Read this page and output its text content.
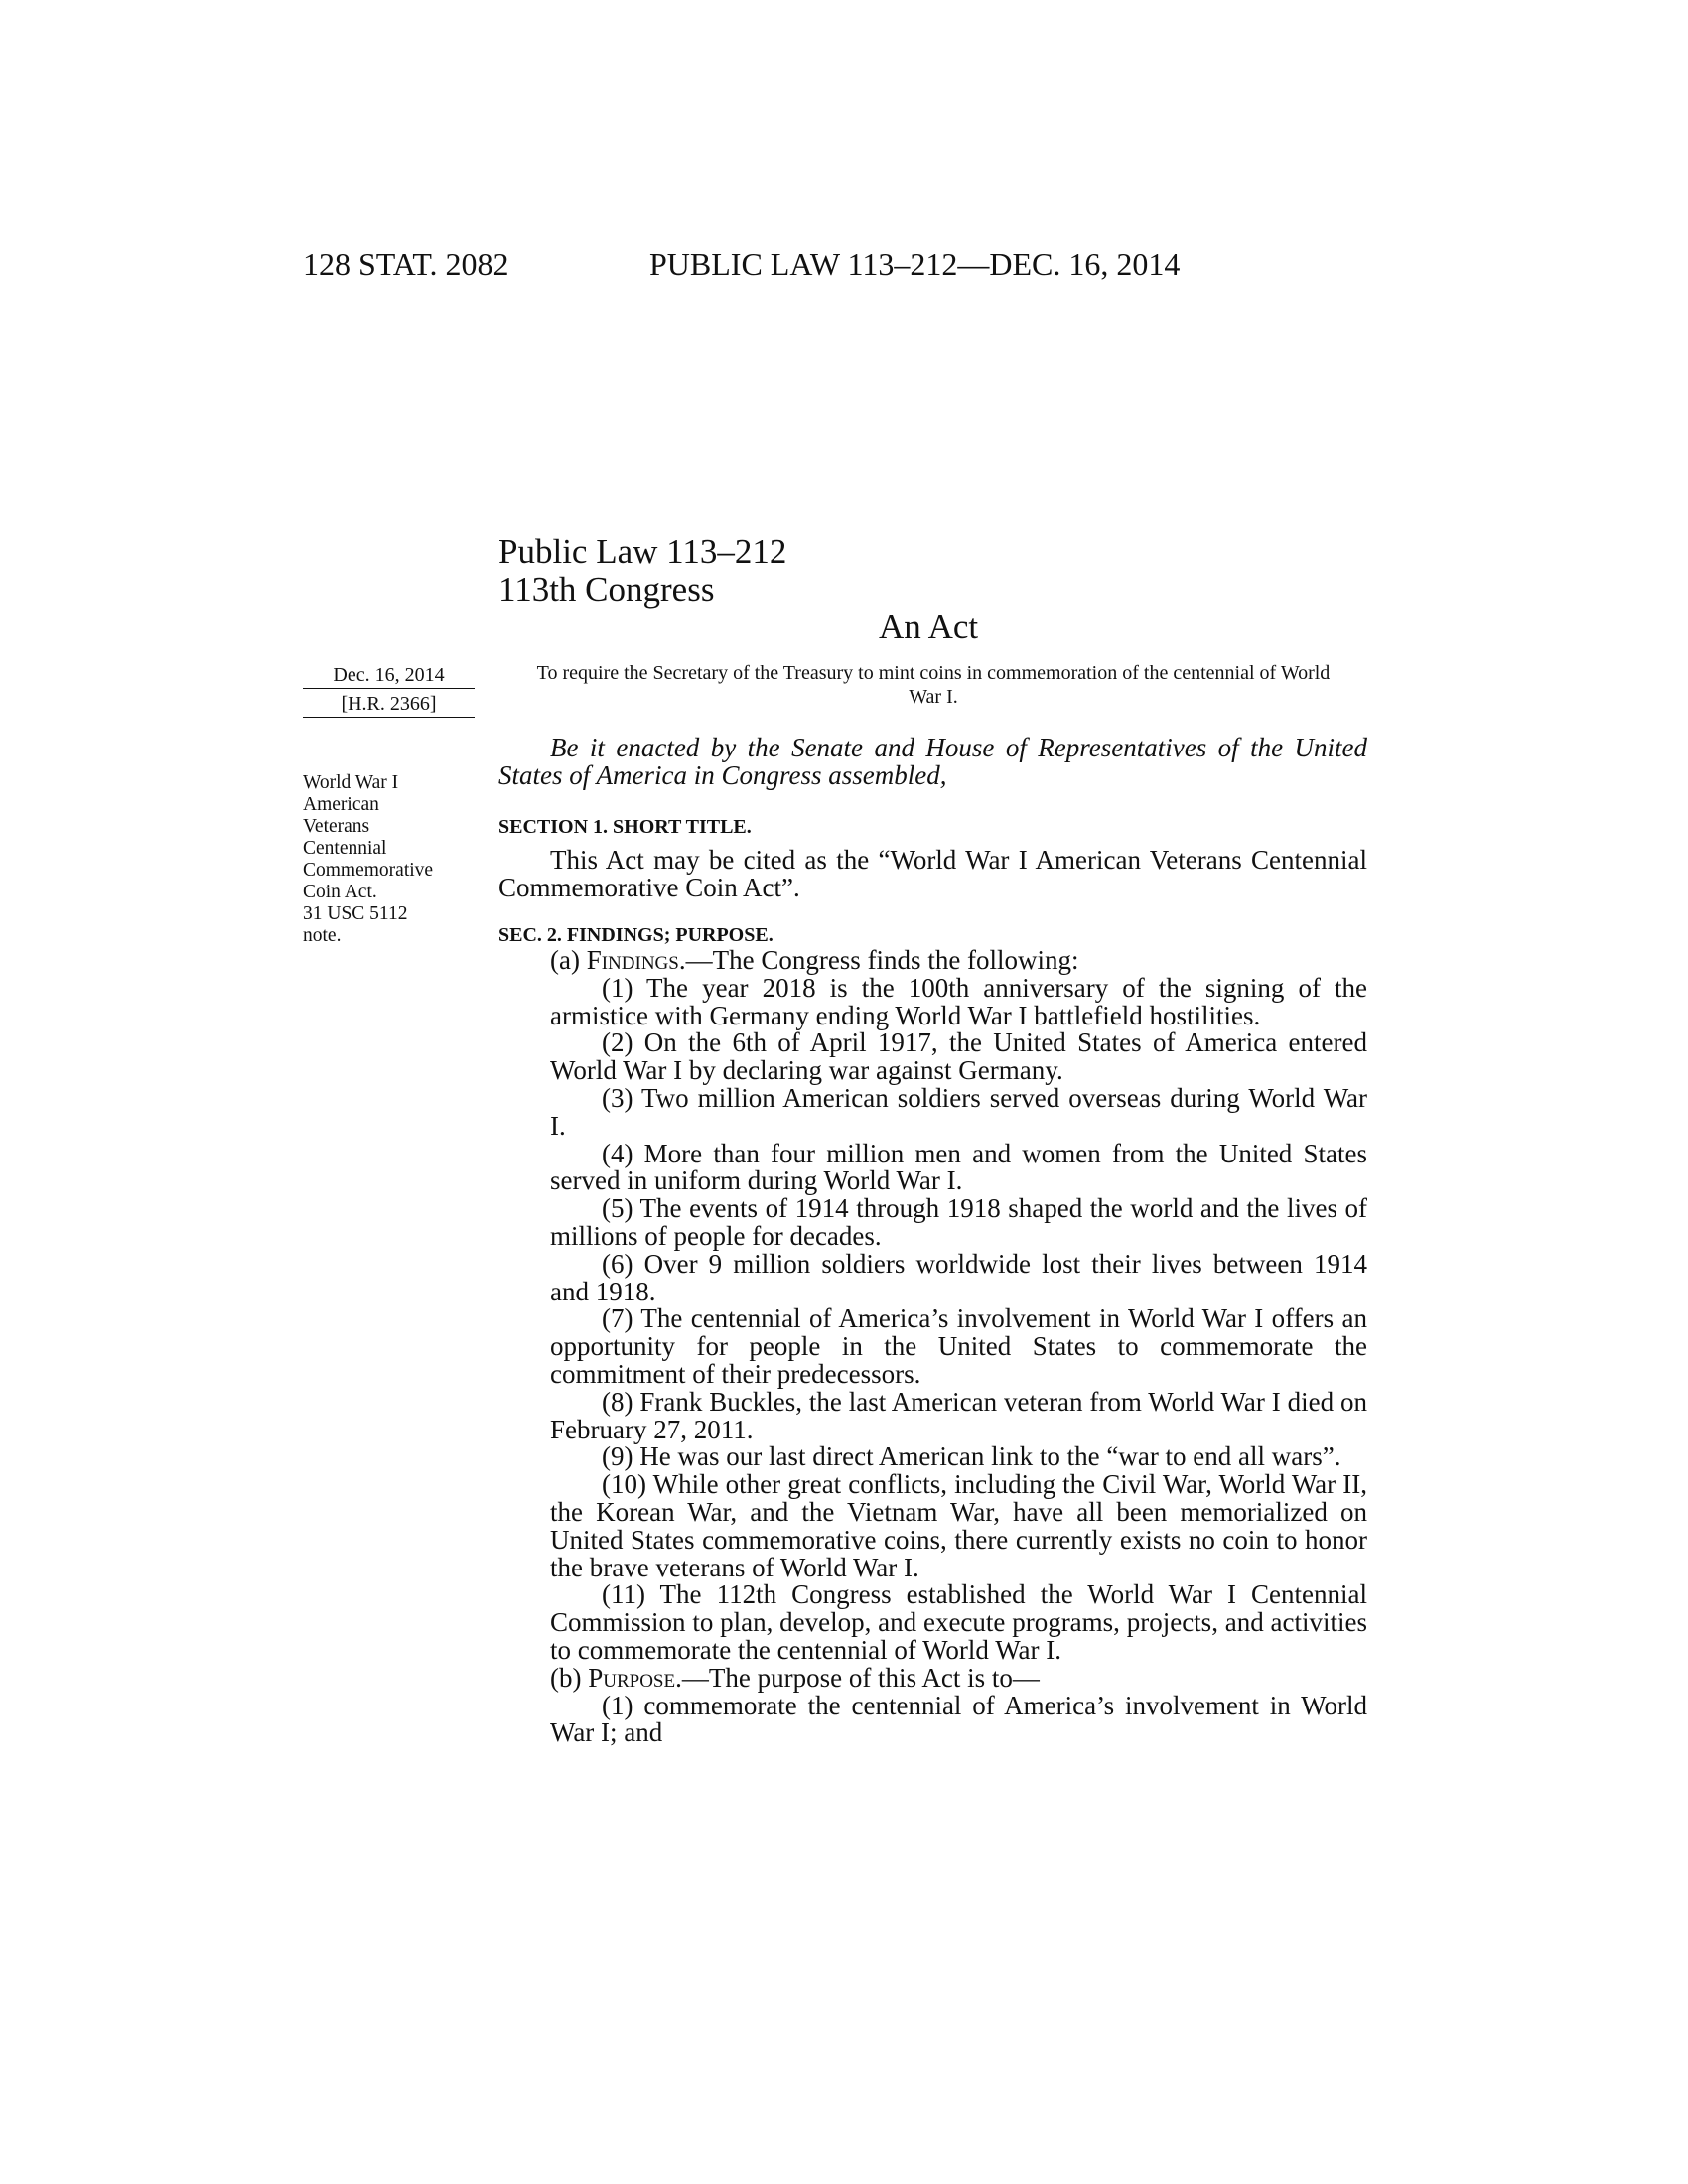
128 STAT. 2082	PUBLIC LAW 113–212—DEC. 16, 2014
Public Law 113–212
113th Congress
An Act
Dec. 16, 2014
[H.R. 2366]
To require the Secretary of the Treasury to mint coins in commemoration of the centennial of World War I.
World War I
American
Veterans
Centennial
Commemorative
Coin Act.
31 USC 5112
note.
Be it enacted by the Senate and House of Representatives of the United States of America in Congress assembled,
SECTION 1. SHORT TITLE.
This Act may be cited as the “World War I American Veterans Centennial Commemorative Coin Act”.
SEC. 2. FINDINGS; PURPOSE.

(a) Findings.—The Congress finds the following:

(1) The year 2018 is the 100th anniversary of the signing of the armistice with Germany ending World War I battlefield hostilities.

(2) On the 6th of April 1917, the United States of America entered World War I by declaring war against Germany.

(3) Two million American soldiers served overseas during World War I.

(4) More than four million men and women from the United States served in uniform during World War I.

(5) The events of 1914 through 1918 shaped the world and the lives of millions of people for decades.

(6) Over 9 million soldiers worldwide lost their lives between 1914 and 1918.

(7) The centennial of America’s involvement in World War I offers an opportunity for people in the United States to commemorate the commitment of their predecessors.

(8) Frank Buckles, the last American veteran from World War I died on February 27, 2011.

(9) He was our last direct American link to the “war to end all wars”.

(10) While other great conflicts, including the Civil War, World War II, the Korean War, and the Vietnam War, have all been memorialized on United States commemorative coins, there currently exists no coin to honor the brave veterans of World War I.

(11) The 112th Congress established the World War I Centennial Commission to plan, develop, and execute programs, projects, and activities to commemorate the centennial of World War I.

(b) Purpose.—The purpose of this Act is to—

(1) commemorate the centennial of America’s involvement in World War I; and
